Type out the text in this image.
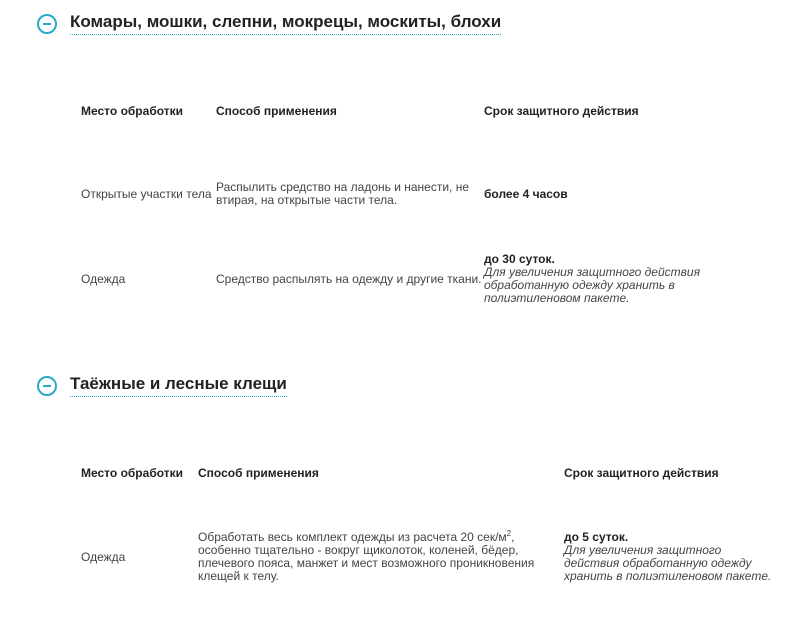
Комары, мошки, слепни, мокрецы, москиты, блохи
Место обработки	Способ применения	Срок защитного действия

Открытые участки тела	Распылить средство на ладонь и нанести, не втирая, на открытые части тела.	более 4 часов

Одежда	Средство распылять на одежду и другие ткани.	до 30 суток.
Для увеличения защитного действия обработанную одежду хранить в полиэтиленовом пакете.
Таёжные и лесные клещи
Место обработки	Способ применения	Срок защитного действия

Одежда	Обработать весь комплект одежды из расчета 20 сек/$м^2$, особенно тщательно - вокруг щиколоток, коленей, бёдер, плечевого пояса, манжет и мест возможного проникновения клещей к телу.	до 5 суток.
Для увеличения защитного действия обработанную одежду хранить в полиэтиленовом пакете.
